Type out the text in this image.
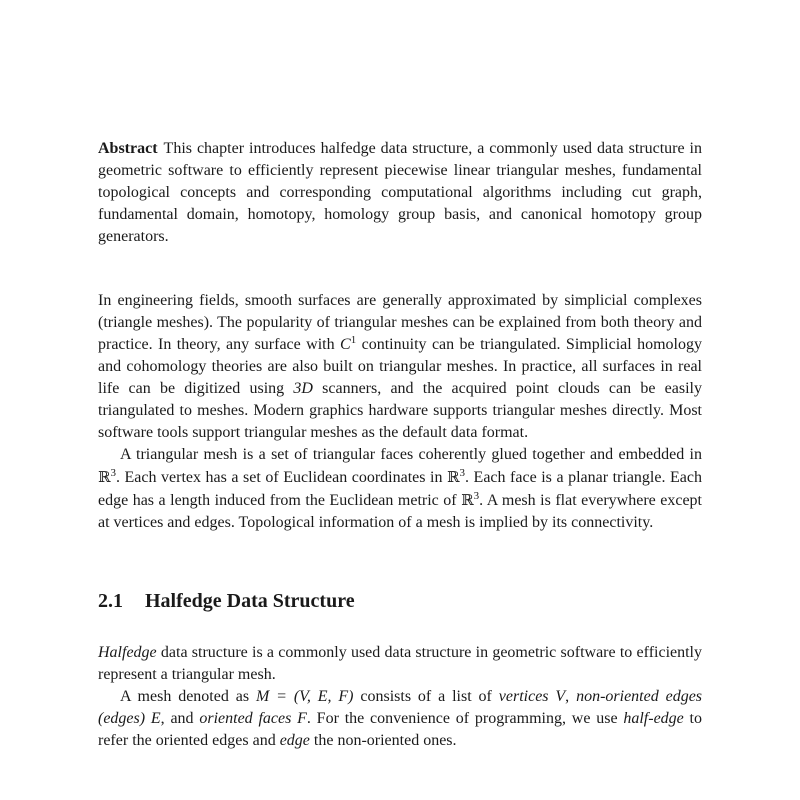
Abstract This chapter introduces halfedge data structure, a commonly used data structure in geometric software to efficiently represent piecewise linear triangular meshes, fundamental topological concepts and corresponding computational algorithms including cut graph, fundamental domain, homotopy, homology group basis, and canonical homotopy group generators.

In engineering fields, smooth surfaces are generally approximated by simplicial complexes (triangle meshes). The popularity of triangular meshes can be explained from both theory and practice. In theory, any surface with $C^1$ continuity can be triangulated. Simplicial homology and cohomology theories are also built on triangular meshes. In practice, all surfaces in real life can be digitized using 3D scanners, and the acquired point clouds can be easily triangulated to meshes. Modern graphics hardware supports triangular meshes directly. Most software tools support triangular meshes as the default data format.

A triangular mesh is a set of triangular faces coherently glued together and embedded in ℝ$^3$. Each vertex has a set of Euclidean coordinates in ℝ$^3$. Each face is a planar triangle. Each edge has a length induced from the Euclidean metric of ℝ$^3$. A mesh is flat everywhere except at vertices and edges. Topological information of a mesh is implied by its connectivity.

2.1 Halfedge Data Structure

Halfedge data structure is a commonly used data structure in geometric software to efficiently represent a triangular mesh.

A mesh denoted as M = (V, E, F) consists of a list of vertices V, non-oriented edges (edges) E, and oriented faces F. For the convenience of programming, we use half-edge to refer the oriented edges and edge the non-oriented ones.
